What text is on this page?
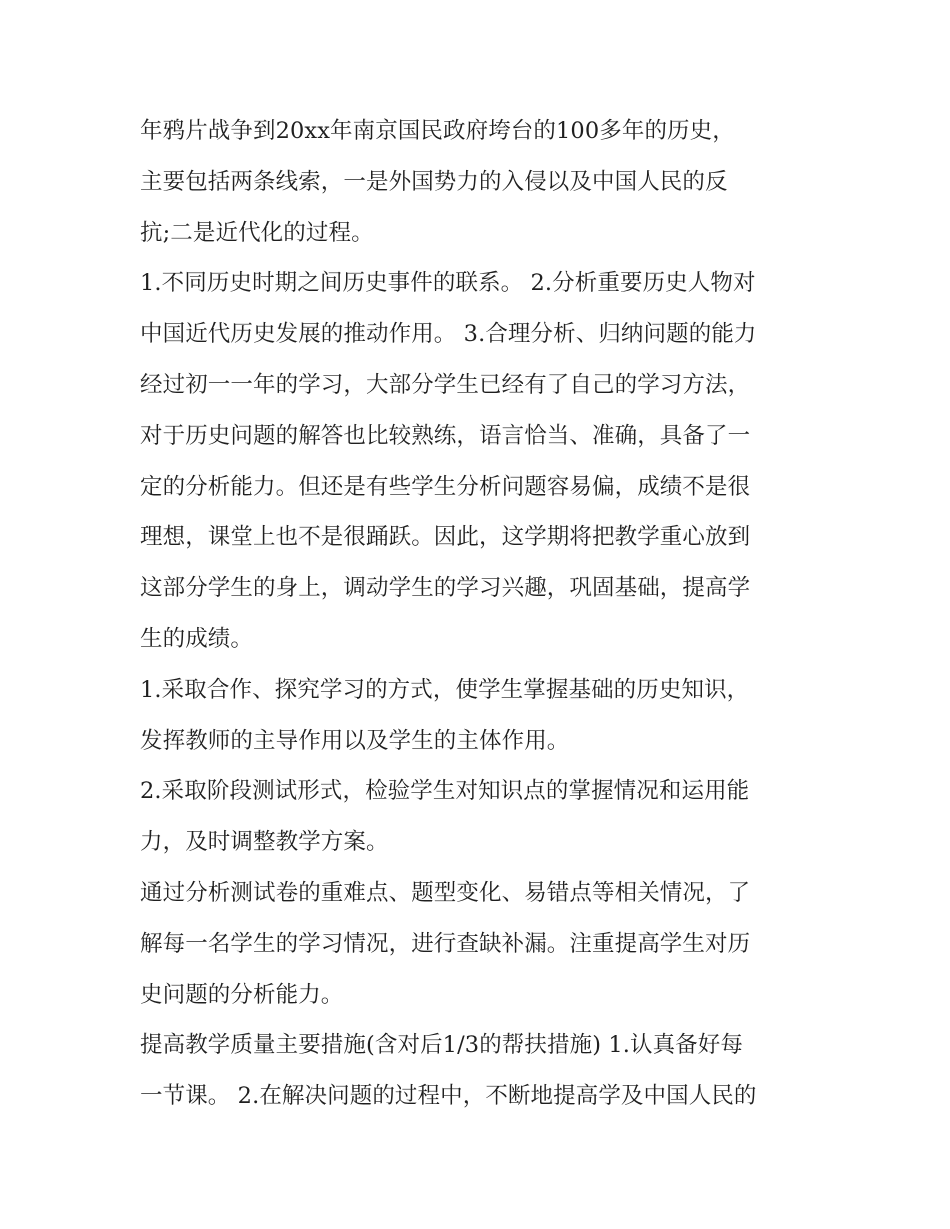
年鸦片战争到20xx年南京国民政府垮台的100多年的历史，
主要包括两条线索，一是外国势力的入侵以及中国人民的反
抗;二是近代化的过程。
1.不同历史时期之间历史事件的联系。 2.分析重要历史人物对
中国近代历史发展的推动作用。 3.合理分析、归纳问题的能力
经过初一一年的学习，大部分学生已经有了自己的学习方法，
对于历史问题的解答也比较熟练，语言恰当、准确，具备了一
定的分析能力。但还是有些学生分析问题容易偏，成绩不是很
理想，课堂上也不是很踊跃。因此，这学期将把教学重心放到
这部分学生的身上，调动学生的学习兴趣，巩固基础，提高学
生的成绩。
1.采取合作、探究学习的方式，使学生掌握基础的历史知识，
发挥教师的主导作用以及学生的主体作用。
2.采取阶段测试形式，检验学生对知识点的掌握情况和运用能
力，及时调整教学方案。
通过分析测试卷的重难点、题型变化、易错点等相关情况，了
解每一名学生的学习情况，进行查缺补漏。注重提高学生对历
史问题的分析能力。
提高教学质量主要措施(含对后1/3的帮扶措施) 1.认真备好每
一节课。 2.在解决问题的过程中，不断地提高学及中国人民的
